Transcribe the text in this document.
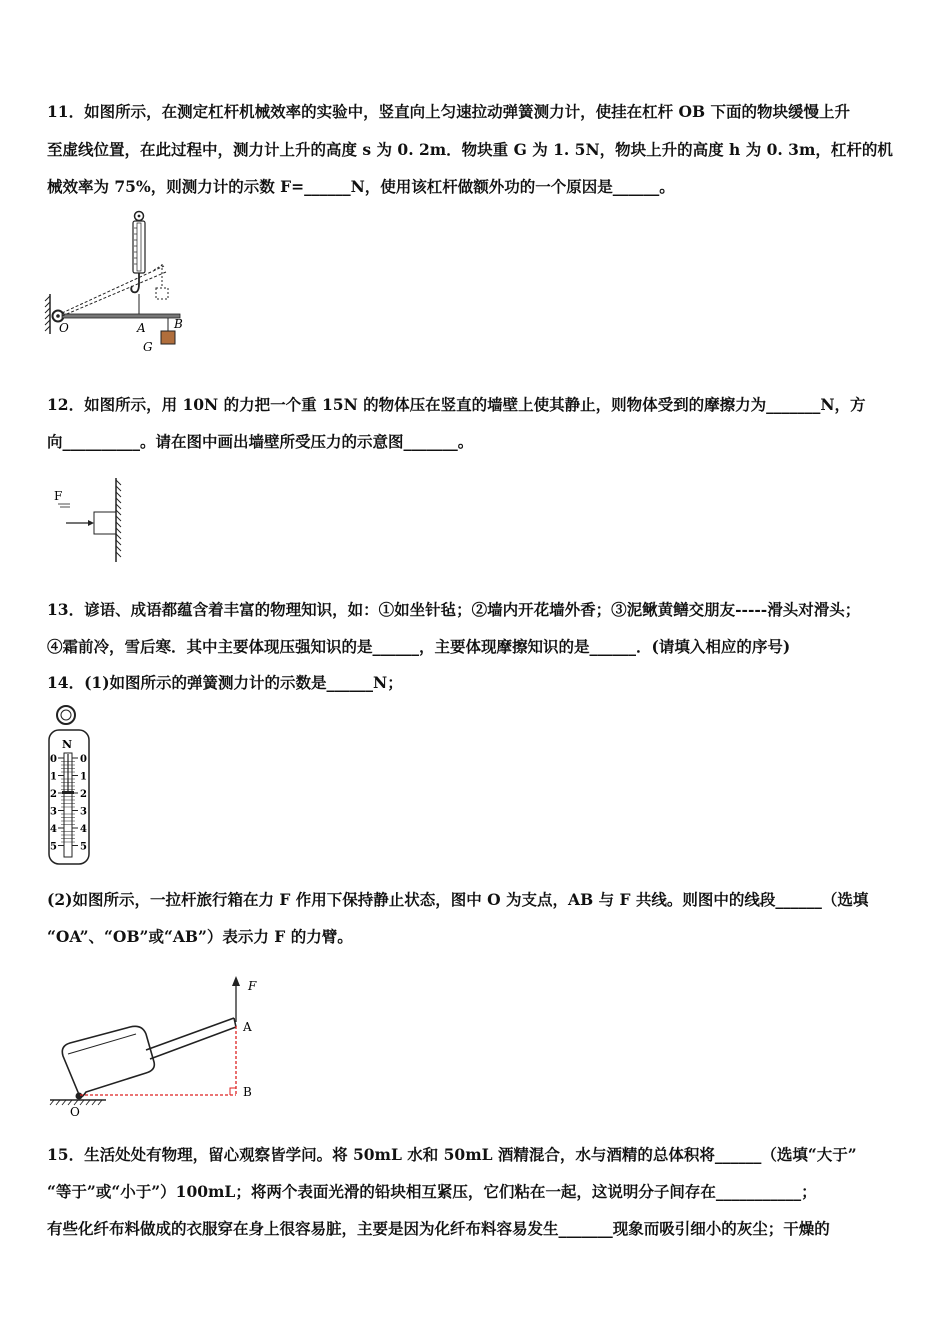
11．如图所示，在测定杠杆机械效率的实验中，竖直向上匀速拉动弹簧测力计，使挂在杠杆 OB 下面的物块缓慢上升
至虚线位置，在此过程中，测力计上升的高度 s 为 0. 2m．物块重 G 为 1. 5N，物块上升的高度 h 为 0. 3m，杠杆的机
械效率为 75%，则测力计的示数 F=______N，使用该杠杆做额外功的一个原因是______。
O	A B
G
12．如图所示，用 10N 的力把一个重 15N 的物体压在竖直的墙壁上使其静止，则物体受到的摩擦力为_______N，方
向__________。请在图中画出墙壁所受压力的示意图_______。
F
13．谚语、成语都蕴含着丰富的物理知识，如：①如坐针毡；②墙内开花墙外香；③泥鳅黄鳝交朋友-----滑头对滑头；
④霜前冷，雪后寒．其中主要体现压强知识的是______，主要体现摩擦知识的是______．(请填入相应的序号)
14．(1)如图所示的弹簧测力计的示数是______N；
N
0 0
1 1
2 2
3 3
4 4
5 5
(2)如图所示，一拉杆旅行箱在力 F 作用下保持静止状态，图中 O 为支点，AB 与 F 共线。则图中的线段______（选填
“OA”、“OB”或“AB”）表示力 F 的力臂。
F
A
B
O
15．生活处处有物理，留心观察皆学问。将 50mL 水和 50mL 酒精混合，水与酒精的总体积将______（选填“大于”
“等于”或“小于”）100mL；将两个表面光滑的铅块相互紧压，它们粘在一起，这说明分子间存在___________；
有些化纤布料做成的衣服穿在身上很容易脏，主要是因为化纤布料容易发生_______现象而吸引细小的灰尘；干燥的
